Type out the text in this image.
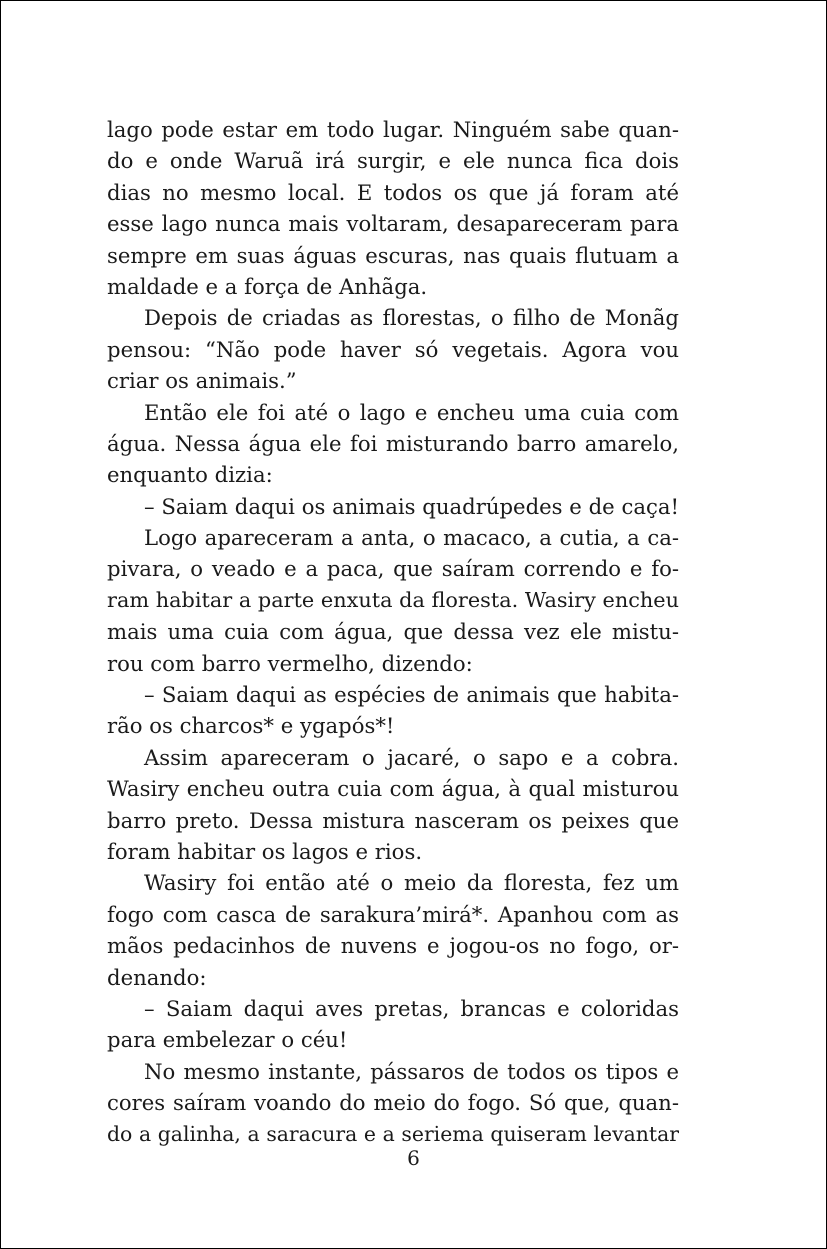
lago pode estar em todo lugar. Ninguém sabe quan-
do e onde Waruã irá surgir, e ele nunca fica dois
dias no mesmo local. E todos os que já foram até
esse lago nunca mais voltaram, desapareceram para
sempre em suas águas escuras, nas quais flutuam a
maldade e a força de Anhãga.
Depois de criadas as florestas, o filho de Monãg
pensou: “Não pode haver só vegetais. Agora vou
criar os animais.”
Então ele foi até o lago e encheu uma cuia com
água. Nessa água ele foi misturando barro amarelo,
enquanto dizia:
– Saiam daqui os animais quadrúpedes e de caça!
Logo apareceram a anta, o macaco, a cutia, a ca-
pivara, o veado e a paca, que saíram correndo e fo-
ram habitar a parte enxuta da floresta. Wasiry encheu
mais uma cuia com água, que dessa vez ele mistu-
rou com barro vermelho, dizendo:
– Saiam daqui as espécies de animais que habita-
rão os charcos* e ygapós*!
Assim apareceram o jacaré, o sapo e a cobra.
Wasiry encheu outra cuia com água, à qual misturou
barro preto. Dessa mistura nasceram os peixes que
foram habitar os lagos e rios.
Wasiry foi então até o meio da floresta, fez um
fogo com casca de sarakura’mirá*. Apanhou com as
mãos pedacinhos de nuvens e jogou-os no fogo, or-
denando:
– Saiam daqui aves pretas, brancas e coloridas
para embelezar o céu!
No mesmo instante, pássaros de todos os tipos e
cores saíram voando do meio do fogo. Só que, quan-
do a galinha, a saracura e a seriema quiseram levantar
6
